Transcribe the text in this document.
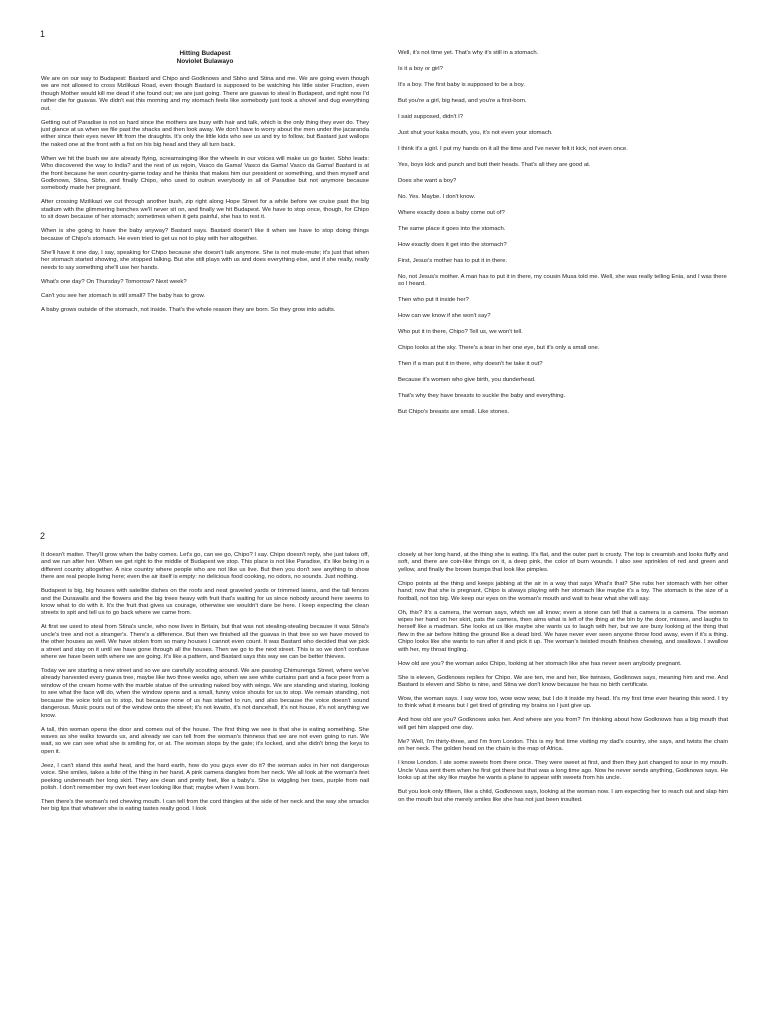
1
Hitting Budapest
Noviolet Bulawayo

We are on our way to Budapest: Bastard and Chipo and Godknows and Sbho and Stina and me. We are going even though we are not allowed to cross Mzilikazi Road, even though Bastard is supposed to be watching his little sister Fraction, even though Mother would kill me dead if she found out; we are just going. There are guavas to steal in Budapest, and right now I'd rather die for guavas. We didn't eat this morning and my stomach feels like somebody just took a shovel and dug everything out.

Getting out of Paradise is not so hard since the mothers are busy with hair and talk, which is the only thing they ever do. They just glance at us when we file past the shacks and then look away. We don't have to worry about the men under the jacaranda either since their eyes never lift from the draughts. It's only the little kids who see us and try to follow, but Bastard just wallops the naked one at the front with a fist on his big head and they all turn back.

When we hit the bush we are already flying, screamsinging like the wheels in our voices will make us go faster. Sbho leads: Who discovered the way to India? and the rest of us rejoin, Vasco da Gama! Vasco da Gama! Vasco da Gama! Bastard is at the front because he won country-game today and he thinks that makes him our president or something, and then myself and Godknows, Stina, Sbho, and finally Chipo, who used to outrun everybody in all of Paradise but not anymore because somebody made her pregnant.

After crossing Mzilikazi we cut through another bush, zip right along Hope Street for a while before we cruise past the big stadium with the glimmering benches we'll never sit on, and finally we hit Budapest. We have to stop once, though, for Chipo to sit down because of her stomach; sometimes when it gets painful, she has to rest it.

When is she going to have the baby anyway? Bastard says. Bastard doesn't like it when we have to stop doing things because of Chipo's stomach. He even tried to get us not to play with her altogether.

She'll have it one day, I say, speaking for Chipo because she doesn't talk anymore. She is not mute-mute; it's just that when her stomach started showing, she stopped talking. But she still plays with us and does everything else, and if she really, really needs to say something she'll use her hands.

What's one day? On Thursday? Tomorrow? Next week?

Can't you see her stomach is still small? The baby has to grow.

A baby grows outside of the stomach, not inside. That's the whole reason they are born. So they grow into adults.

Well, it's not time yet. That's why it's still in a stomach.

Is it a boy or girl?

It's a boy. The first baby is supposed to be a boy.

But you're a girl, big head, and you're a first-born.

I said supposed, didn't I?

Just shut your kaka mouth, you, it's not even your stomach.

I think it's a girl. I put my hands on it all the time and I've never felt it kick, not even once.

Yes, boys kick and punch and butt their heads. That's all they are good at.

Does she want a boy?

No. Yes. Maybe. I don't know.

Where exactly does a baby come out of?

The same place it goes into the stomach.

How exactly does it get into the stomach?

First, Jesus's mother has to put it in there.

No, not Jesus's mother. A man has to put it in there, my cousin Musa told me. Well, she was really telling Enia, and I was there so I heard.

Then who put it inside her?

How can we know if she won't say?

Who put it in there, Chipo? Tell us, we won't tell.

Chipo looks at the sky. There's a tear in her one eye, but it's only a small one.

Then if a man put it in there, why doesn't he take it out?

Because it's women who give birth, you dunderhead.

That's why they have breasts to suckle the baby and everything.

But Chipo's breasts are small. Like stones.

2

It doesn't matter. They'll grow when the baby comes. Let's go, can we go, Chipo? I say. Chipo doesn't reply, she just takes off, and we run after her. When we get right to the middle of Budapest we stop. This place is not like Paradise, it's like being in a different country altogether. A nice country where people who are not like us live. But then you don't see anything to show there are real people living here; even the air itself is empty: no delicious food cooking, no odors, no sounds. Just nothing.

Budapest is big, big houses with satellite dishes on the roofs and neat graveled yards or trimmed lawns, and the tall fences and the Durawalls and the flowers and the big trees heavy with fruit that's waiting for us since nobody around here seems to know what to do with it. It's the fruit that gives us courage, otherwise we wouldn't dare be here. I keep expecting the clean streets to spit and tell us to go back where we came from.

At first we used to steal from Stina's uncle, who now lives in Britain, but that was not stealing-stealing because it was Stina's uncle's tree and not a stranger's. There's a difference. But then we finished all the guavas in that tree so we have moved to the other houses as well. We have stolen from so many houses I cannot even count. It was Bastard who decided that we pick a street and stay on it until we have gone through all the houses. Then we go to the next street. This is so we don't confuse where we have been with where we are going. It's like a pattern, and Bastard says this way we can be better thieves.

Today we are starting a new street and so we are carefully scouting around. We are passing Chimurenga Street, where we've already harvested every guava tree, maybe like two three weeks ago, when we see white curtains part and a face peer from a window of the cream home with the marble statue of the urinating naked boy with wings. We are standing and staring, looking to see what the face will do, when the window opens and a small, funny voice shouts for us to stop. We remain standing, not because the voice told us to stop, but because none of us has started to run, and also because the voice doesn't sound dangerous. Music pours out of the window onto the street; it's not kwaito, it's not dancehall, it's not house, it's not anything we know.

A tall, thin woman opens the door and comes out of the house. The first thing we see is that she is eating something. She waves as she walks towards us, and already we can tell from the woman's thinness that we are not even going to run. We wait, so we can see what she is smiling for, or at. The woman stops by the gate; it's locked, and she didn't bring the keys to open it.

Jeez, I can't stand this awful heat, and the hard earth, how do you guys ever do it? the woman asks in her not dangerous voice. She smiles, takes a bite of the thing in her hand. A pink camera dangles from her neck. We all look at the woman's feet peeking underneath her long skirt. They are clean and pretty feet, like a baby's. She is wiggling her toes, purple from nail polish. I don't remember my own feet ever looking like that; maybe when I was born.

Then there's the woman's red chewing mouth. I can tell from the cord thingies at the side of her neck and the way she smacks her big lips that whatever she is eating tastes really good. I look

closely at her long hand, at the thing she is eating. It's flat, and the outer part is crusty. The top is creamish and looks fluffy and soft, and there are coin-like things on it, a deep pink, the color of burn wounds. I also see sprinkles of red and green and yellow, and finally the brown bumps that look like pimples.

Chipo points at the thing and keeps jabbing at the air in a way that says What's that? She rubs her stomach with her other hand; now that she is pregnant, Chipo is always playing with her stomach like maybe it's a toy. The stomach is the size of a football, not too big. We keep our eyes on the woman's mouth and wait to hear what she will say.

Oh, this? It's a camera, the woman says, which we all know; even a stone can tell that a camera is a camera. The woman wipes her hand on her skirt, pats the camera, then aims what is left of the thing at the bin by the door, misses, and laughs to herself like a madman. She looks at us like maybe she wants us to laugh with her, but we are busy looking at the thing that flew in the air before hitting the ground like a dead bird. We have never ever seen anyone throw food away, even if it's a thing. Chipo looks like she wants to run after it and pick it up. The woman's twisted mouth finishes chewing, and swallows. I swallow with her, my throat tingling.

How old are you? the woman asks Chipo, looking at her stomach like she has never seen anybody pregnant.

She is eleven, Godknows replies for Chipo. We are ten, me and her, like twinses, Godknows says, meaning him and me. And Bastard is eleven and Sbho is nine, and Stina we don't know because he has no birth certificate.

Wow, the woman says. I say wow too, wow wow wow, but I do it inside my head. It's my first time ever hearing this word. I try to think what it means but I get tired of grinding my brains so I just give up.

And how old are you? Godknows asks her. And where are you from? I'm thinking about how Godknows has a big mouth that will get him slapped one day.

Me? Well, I'm thirty-three, and I'm from London. This is my first time visiting my dad's country, she says, and twists the chain on her neck. The golden head on the chain is the map of Africa.

I know London. I ate some sweets from there once. They were sweet at first, and then they just changed to sour in my mouth. Uncle Vusa sent them when he first got there but that was a long time ago. Now he never sends anything, Godknows says. He looks up at the sky like maybe he wants a plane to appear with sweets from his uncle.

But you look only fifteen, like a child, Godknows says, looking at the woman now. I am expecting her to reach out and slap him on the mouth but she merely smiles like she has not just been insulted.
